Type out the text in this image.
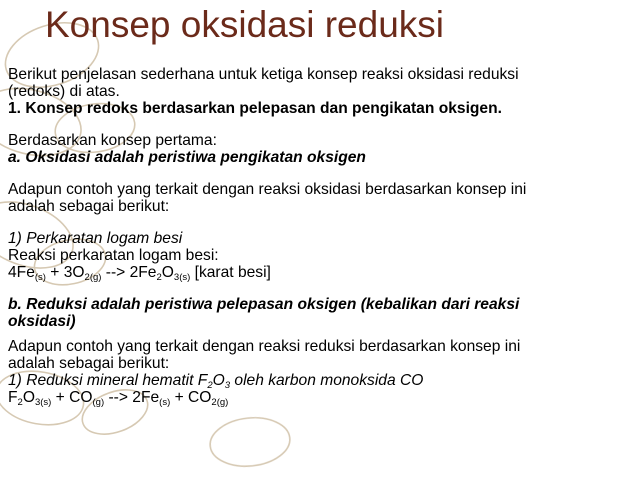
Konsep oksidasi reduksi

Berikut penjelasan sederhana untuk ketiga konsep reaksi oksidasi reduksi
(redoks) di atas.

1. Konsep redoks berdasarkan pelepasan dan pengikatan oksigen.

Berdasarkan konsep pertama:

a. Oksidasi adalah peristiwa pengikatan oksigen

Adapun contoh yang terkait dengan reaksi oksidasi berdasarkan konsep ini
adalah sebagai berikut:

1) Perkaratan logam besi

Reaksi perkaratan logam besi:

$4Fe_{(s)} + 3O_{2(g)}$ --> $2Fe_2O_{3(s)}$ [karat besi]

b. Reduksi adalah peristiwa pelepasan oksigen (kebalikan dari reaksi
oksidasi)

Adapun contoh yang terkait dengan reaksi reduksi berdasarkan konsep ini
adalah sebagai berikut:

1) Reduksi mineral hematit $F_2O_3$ oleh karbon monoksida CO

$F_2O_{3(s)} + CO_{(g)}$ --> $2Fe_{(s)} + CO_{2(g)}$
